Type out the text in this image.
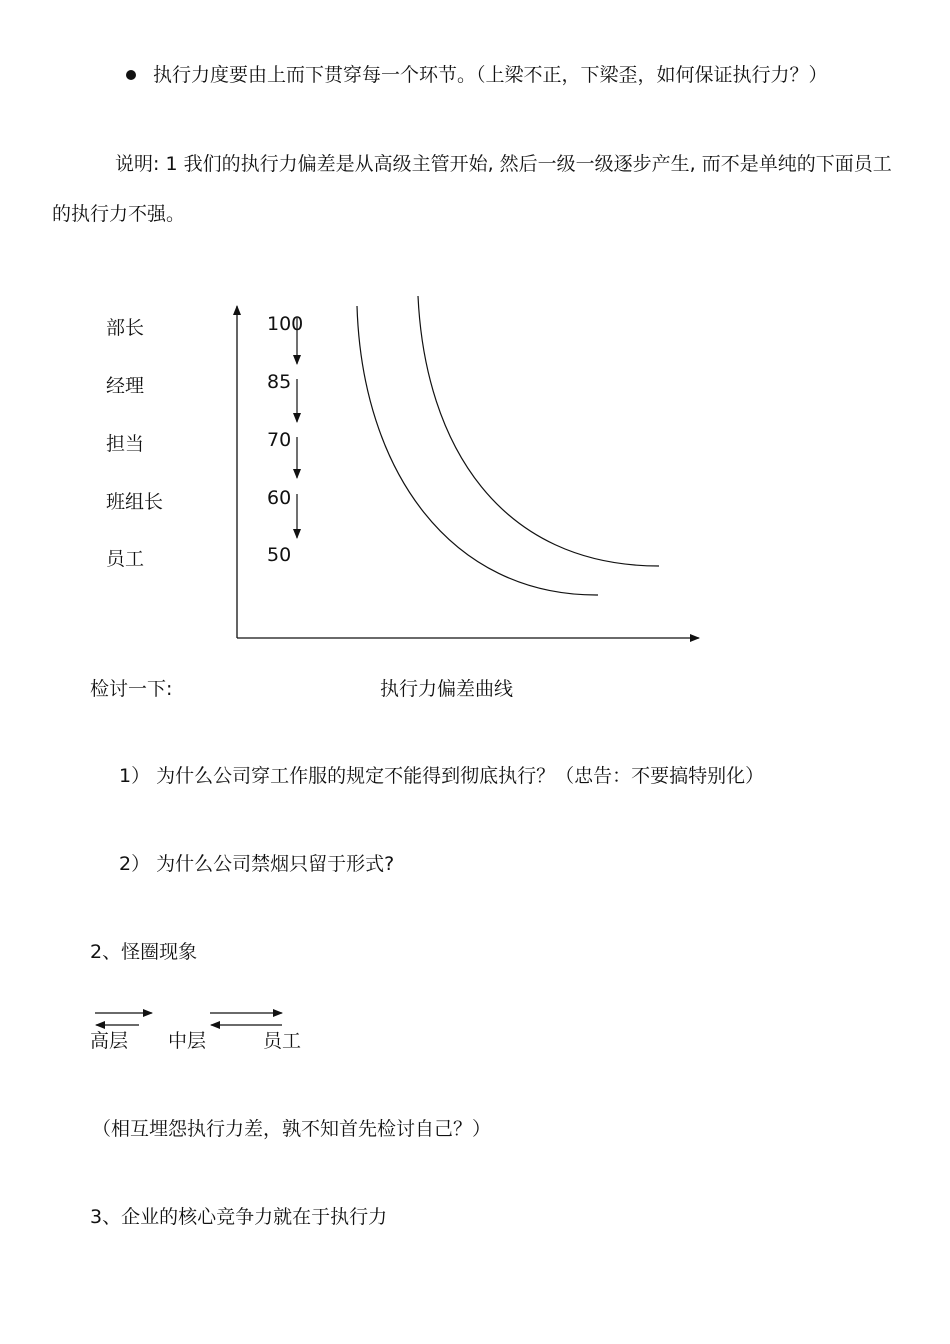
执行力度要由上而下贯穿每一个环节。（上梁不正，下梁歪，如何保证执行力？）
说明: 1 我们的执行力偏差是从高级主管开始, 然后一级一级逐步产生, 而不是单纯的下面员工
的执行力不强。
部长
经理
担当
班组长
员工
100
85
70
60
50
检讨一下:	执行力偏差曲线
1） 为什么公司穿工作服的规定不能得到彻底执行？（忠告：不要搞特别化）
2） 为什么公司禁烟只留于形式?
2、怪圈现象
高层 中层	员工
（相互埋怨执行力差，孰不知首先检讨自己？）
3、企业的核心竞争力就在于执行力
